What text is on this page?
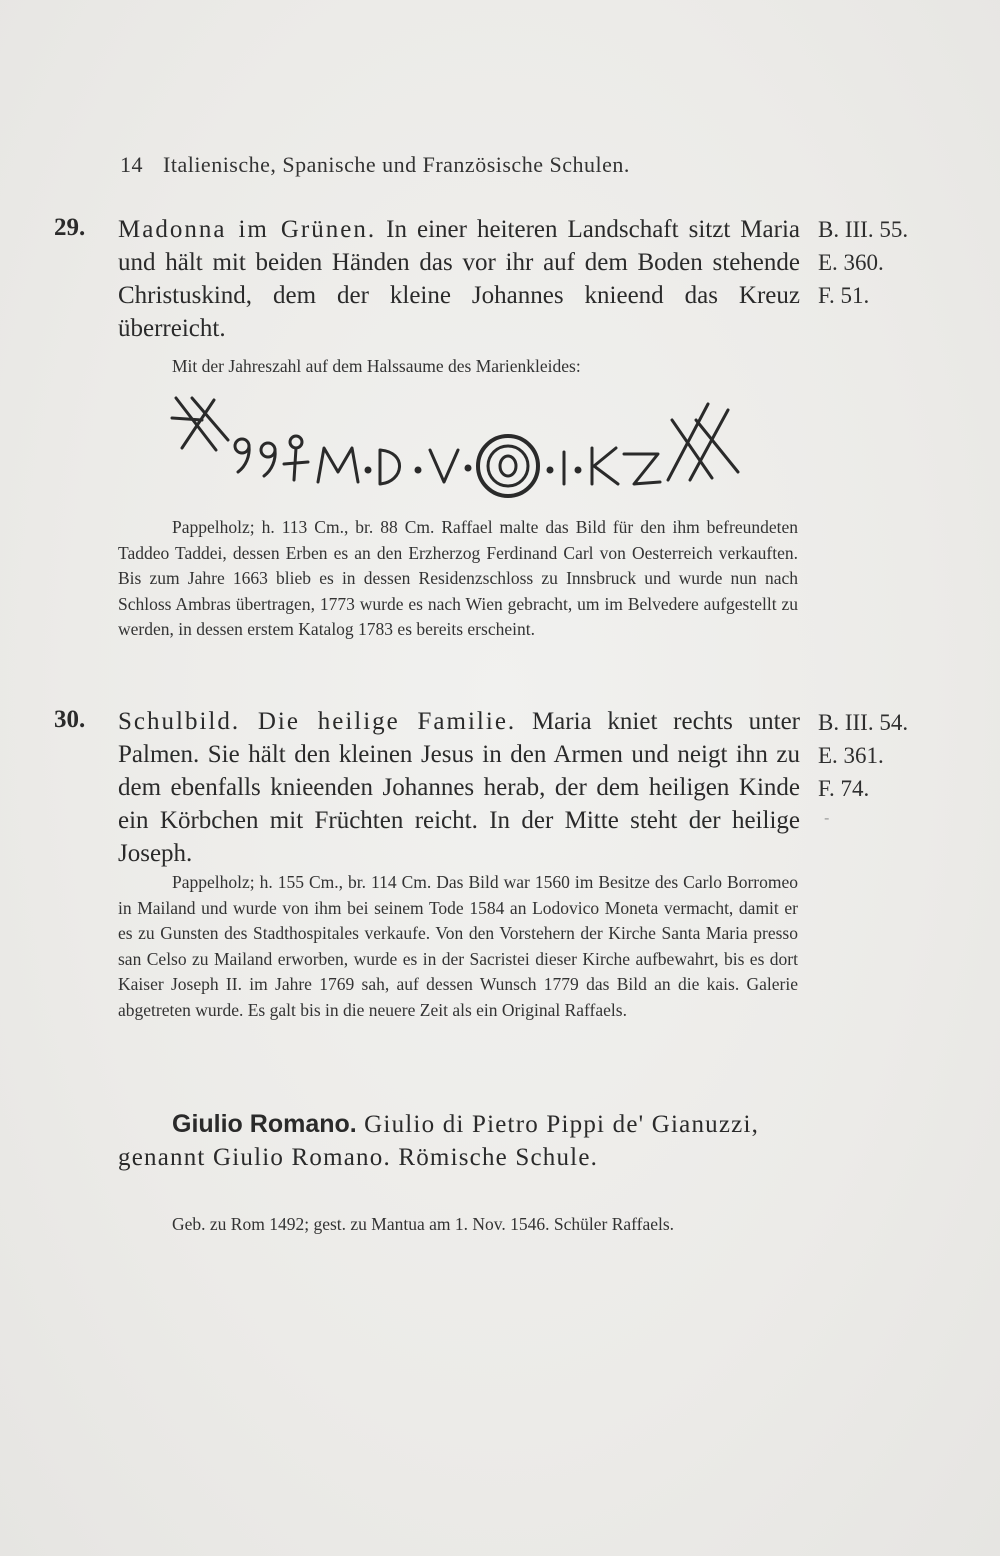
14 Italienische, Spanische und Französische Schulen.
29. Madonna im Grünen. In einer heiteren Landschaft sitzt Maria und hält mit beiden Händen das vor ihr auf dem Boden stehende Christuskind, dem der kleine Johannes knieend das Kreuz überreicht.
B. III. 55.
E. 360.
F. 51.
Mit der Jahreszahl auf dem Halssaume des Marienkleides:
Pappelholz; h. 113 Cm., br. 88 Cm. Raffael malte das Bild für den ihm befreundeten Taddeo Taddei, dessen Erben es an den Erzherzog Ferdinand Carl von Oesterreich verkauften. Bis zum Jahre 1663 blieb es in dessen Residenzschloss zu Innsbruck und wurde nun nach Schloss Ambras übertragen, 1773 wurde es nach Wien gebracht, um im Belvedere aufgestellt zu werden, in dessen erstem Katalog 1783 es bereits erscheint.
30. Schulbild. Die heilige Familie. Maria kniet rechts unter Palmen. Sie hält den kleinen Jesus in den Armen und neigt ihn zu dem ebenfalls knieenden Johannes herab, der dem heiligen Kinde ein Körbchen mit Früchten reicht. In der Mitte steht der heilige Joseph.
B. III. 54.
E. 361.
F. 74.
-
Pappelholz; h. 155 Cm., br. 114 Cm. Das Bild war 1560 im Besitze des Carlo Borromeo in Mailand und wurde von ihm bei seinem Tode 1584 an Lodovico Moneta vermacht, damit er es zu Gunsten des Stadthospitales verkaufe. Von den Vorstehern der Kirche Santa Maria presso san Celso zu Mailand erworben, wurde es in der Sacristei dieser Kirche aufbewahrt, bis es dort Kaiser Joseph II. im Jahre 1769 sah, auf dessen Wunsch 1779 das Bild an die kais. Galerie abgetreten wurde. Es galt bis in die neuere Zeit als ein Original Raffaels.
Giulio Romano. Giulio di Pietro Pippi de' Gianuzzi, genannt Giulio Romano. Römische Schule.
Geb. zu Rom 1492; gest. zu Mantua am 1. Nov. 1546. Schüler Raffaels.
